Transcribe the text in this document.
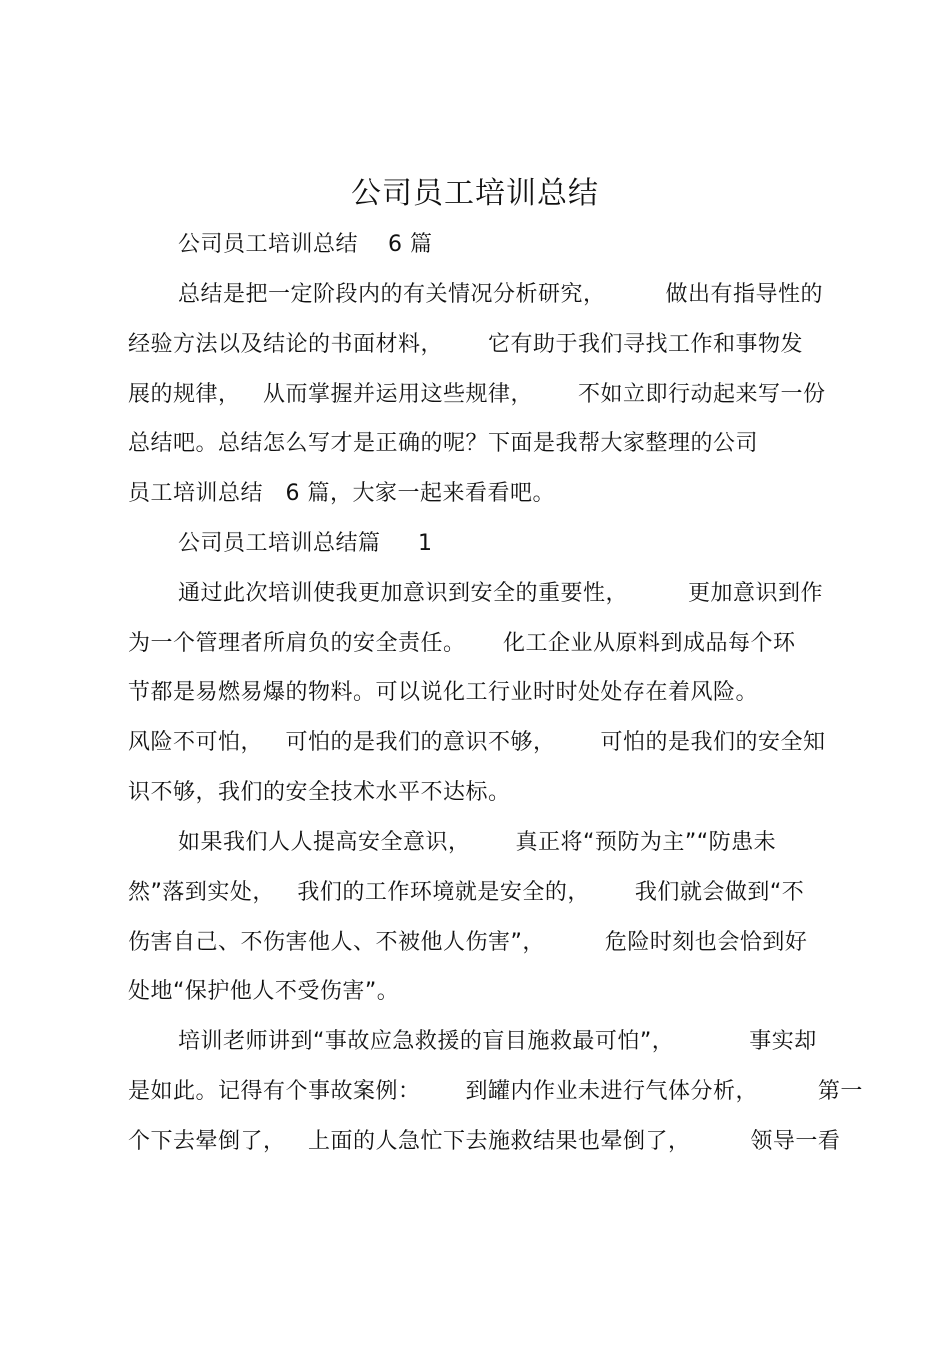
公司员工培训总结
公司员工培训总结    6 篇
总结是把一定阶段内的有关情况分析研究，        做出有指导性的
经验方法以及结论的书面材料，      它有助于我们寻找工作和事物发
展的规律，   从而掌握并运用这些规律，      不如立即行动起来写一份
总结吧。总结怎么写才是正确的呢？下面是我帮大家整理的公司
员工培训总结   6 篇，大家一起来看看吧。
公司员工培训总结篇     1
通过此次培训使我更加意识到安全的重要性，        更加意识到作
为一个管理者所肩负的安全责任。     化工企业从原料到成品每个环
节都是易燃易爆的物料。可以说化工行业时时处处存在着风险。
风险不可怕，   可怕的是我们的意识不够，      可怕的是我们的安全知
识不够，我们的安全技术水平不达标。
如果我们人人提高安全意识，      真正将“预防为主”“防患未
然”落到实处，   我们的工作环境就是安全的，      我们就会做到“不
伤害自己、不伤害他人、不被他人伤害”，        危险时刻也会恰到好
处地“保护他人不受伤害”。
培训老师讲到“事故应急救援的盲目施救最可怕”，          事实却
是如此。记得有个事故案例：      到罐内作业未进行气体分析，        第一
个下去晕倒了，   上面的人急忙下去施救结果也晕倒了，        领导一看
